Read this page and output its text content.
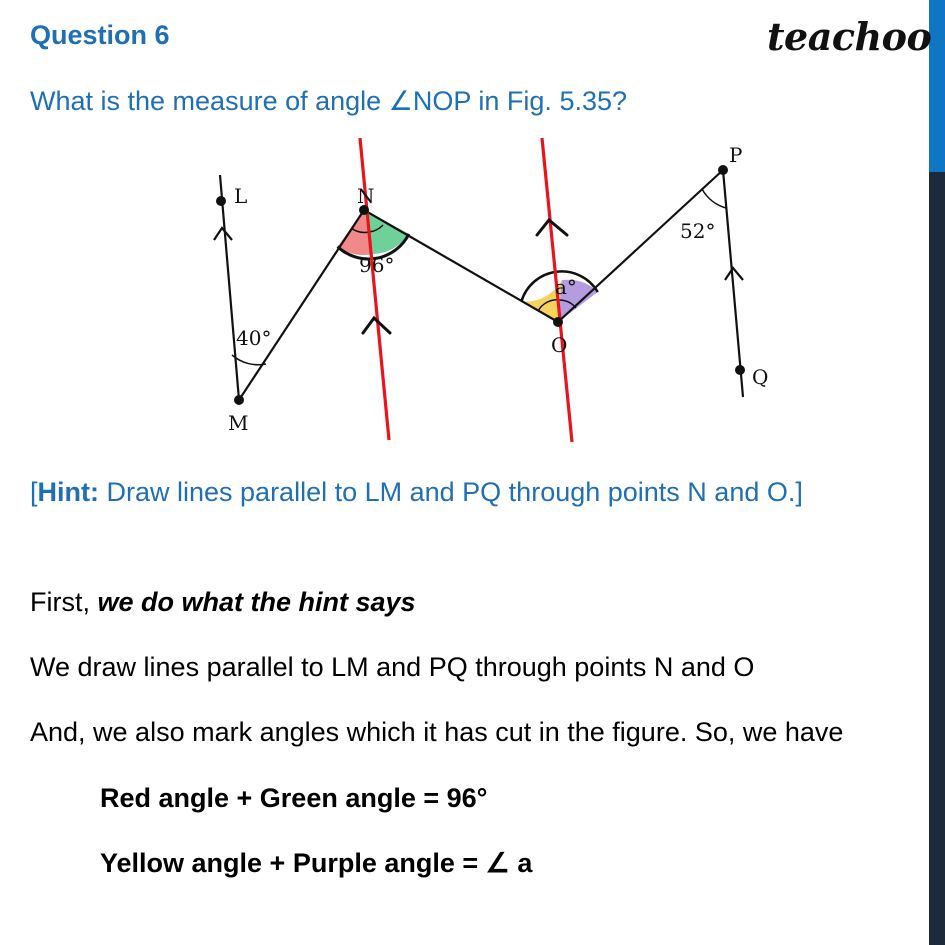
Question 6	teachoo
What is the measure of angle ∠NOP in Fig. 5.35?
L	N
P
M
O
Q
40°
96°
a°
52°
[Hint: Draw lines parallel to LM and PQ through points N and O.]
First, we do what the hint says
We draw lines parallel to LM and PQ through points N and O
And, we also mark angles which it has cut in the figure. So, we have
Red angle + Green angle = 96°
Yellow angle + Purple angle = ∠ a
